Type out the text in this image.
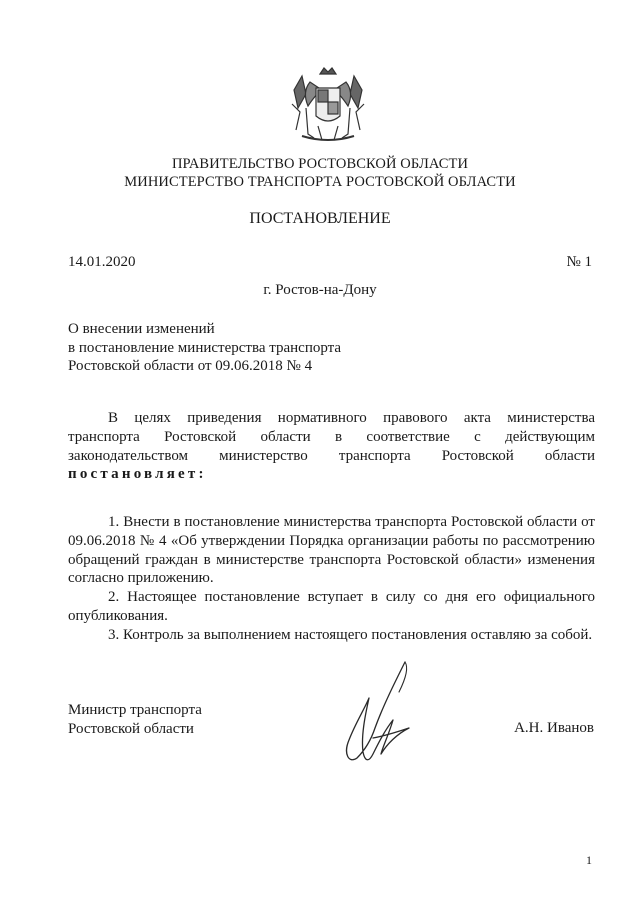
ПРАВИТЕЛЬСТВО РОСТОВСКОЙ ОБЛАСТИ
МИНИСТЕРСТВО ТРАНСПОРТА РОСТОВСКОЙ ОБЛАСТИ
ПОСТАНОВЛЕНИЕ
14.01.2020	№ 1
г. Ростов-на-Дону
О внесении изменений
в постановление министерства транспорта
Ростовской области от 09.06.2018 № 4
В целях приведения нормативного правового акта министерства транспорта Ростовской области в соответствие с действующим законодательством министерство транспорта Ростовской области постановляет:
1. Внести в постановление министерства транспорта Ростовской области от 09.06.2018 № 4 «Об утверждении Порядка организации работы по рассмотрению обращений граждан в министерстве транспорта Ростовской области» изменения согласно приложению.
2. Настоящее постановление вступает в силу со дня его официального опубликования.
3. Контроль за выполнением настоящего постановления оставляю за собой.
Министр транспорта
Ростовской области	А.Н. Иванов
1
